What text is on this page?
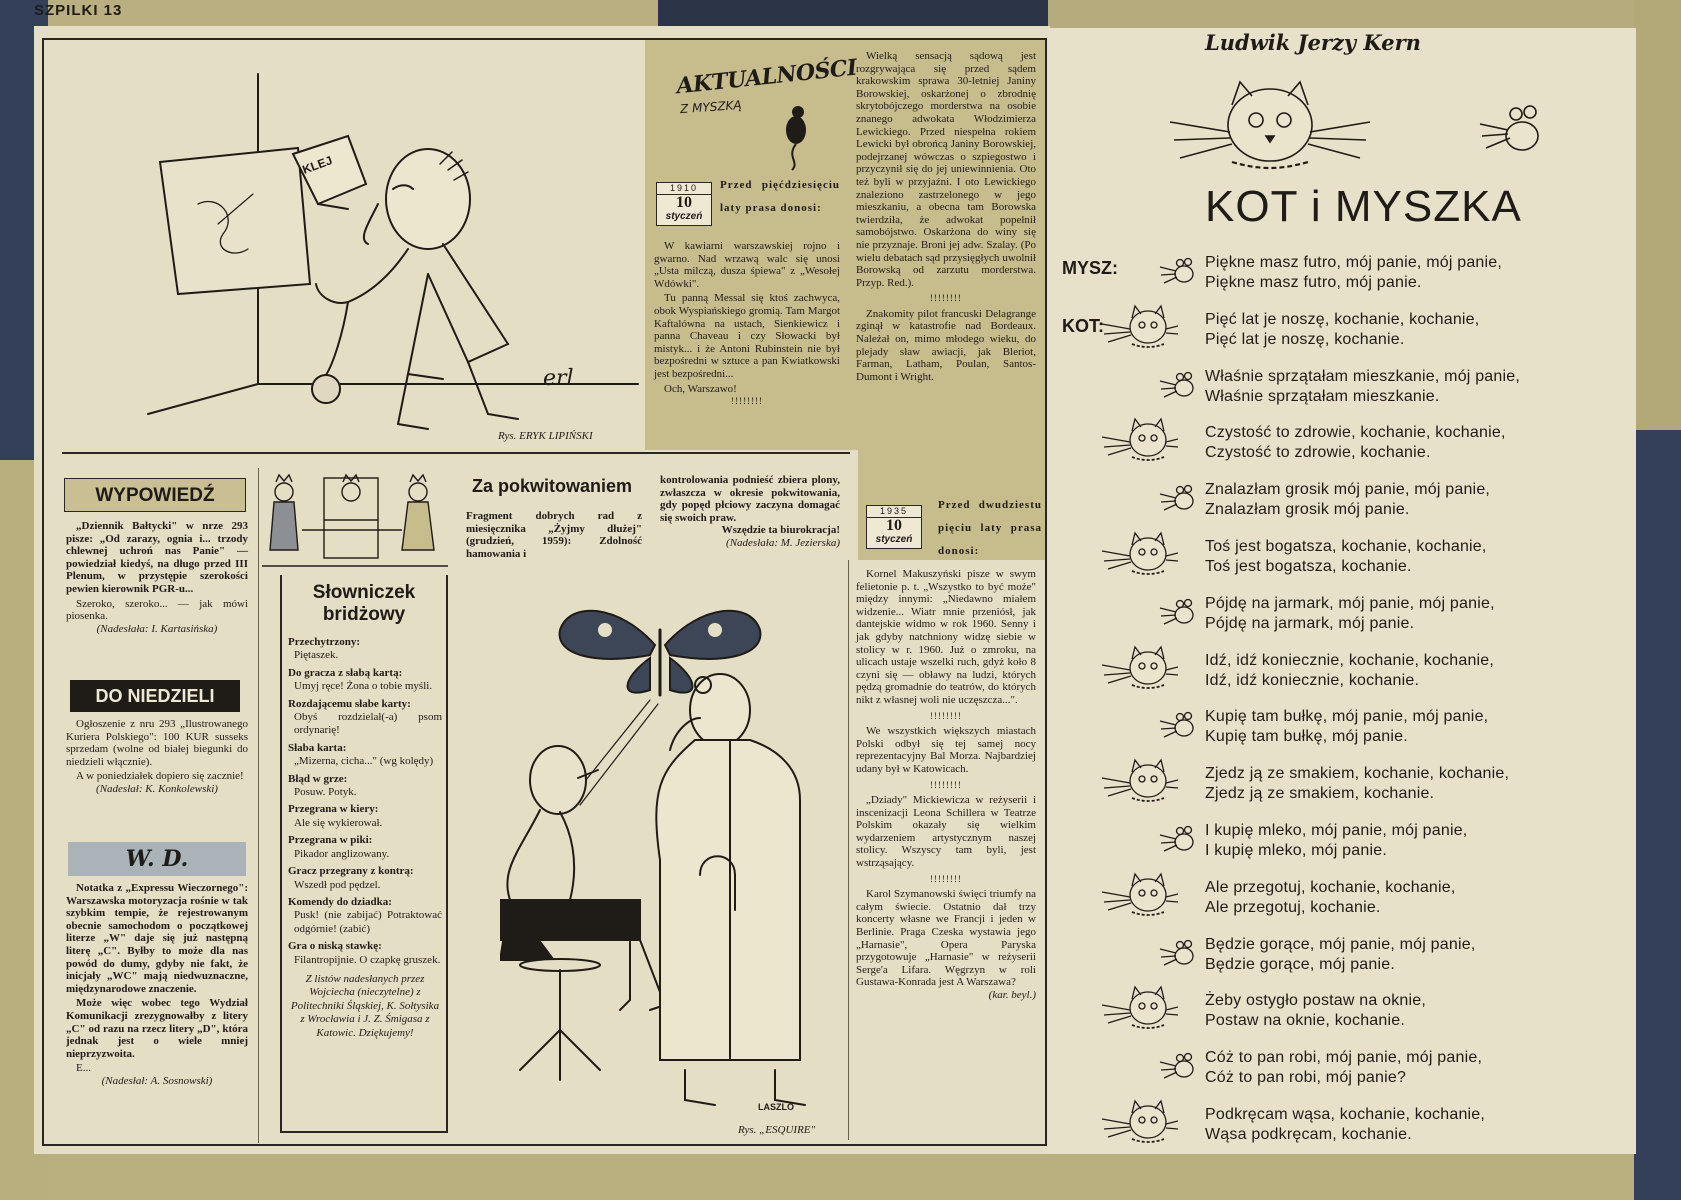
SZPILKI 13
KLEJ
erl
Rys. ERYK LIPIŃSKI
AKTUALNOŚCI
Z MYSZKĄ
1910
10
styczeń
Przed pięćdziesięciu laty prasa donosi:

W kawiarni warszawskiej rojno i gwarno. Nad wrzawą walc się unosi „Usta milczą, dusza śpiewa" z „Wesołej Wdówki".

Tu panną Messal się ktoś zachwyca, obok Wyspiańskiego gromią. Tam Margot Kaftalówna na ustach, Sienkiewicz i panna Chaveau i czy Słowacki był mistyk... i że Antoni Rubinstein nie był bezpośredni w sztuce a pan Kwiatkowski jest bezpośredni...

Och, Warszawo!

!!!!!!!!

Wielką sensacją sądową jest rozgrywająca się przed sądem krakowskim sprawa 30-letniej Janiny Borowskiej, oskarżonej o zbrodnię skrytobójczego morderstwa na osobie znanego adwokata Włodzimierza Lewickiego. Przed niespełna rokiem Lewicki był obrońcą Janiny Borowskiej, podejrzanej wówczas o szpiegostwo i przyczynił się do jej uniewinnienia. Oto też byli w przyjaźni. I oto Lewickiego znaleziono zastrzelonego w jego mieszkaniu, a obecna tam Borowska twierdziła, że adwokat popełnił samobójstwo. Oskarżona do winy się nie przyznaje. Broni jej adw. Szalay. (Po wielu debatach sąd przysięgłych uwolnił Borowską od zarzutu morderstwa. Przyp. Red.).

!!!!!!!!

Znakomity pilot francuski Delagrange zginął w katastrofie nad Bordeaux. Należał on, mimo młodego wieku, do plejady sław awiacji, jak Bleriot, Farman, Latham, Poulan, Santos-Dumont i Wright.

1935
10
styczeń
Przed dwudziestu pięciu laty prasa donosi:

Kornel Makuszyński pisze w swym felietonie p. t. „Wszystko to być może" między innymi: „Niedawno miałem widzenie... Wiatr mnie przeniósł, jak dantejskie widmo w rok 1960. Senny i jak gdyby natchniony widzę siebie w stolicy w r. 1960. Już o zmroku, na ulicach ustaje wszelki ruch, gdyż koło 8 czyni się — obławy na ludzi, których pędzą gromadnie do teatrów, do których nikt z własnej woli nie uczęszcza...".

!!!!!!!!

We wszystkich większych miastach Polski odbył się tej samej nocy reprezentacyjny Bal Morza. Najbardziej udany był w Katowicach.

!!!!!!!!

„Dziady" Mickiewicza w reżyserii i inscenizacji Leona Schillera w Teatrze Polskim okazały się wielkim wydarzeniem artystycznym naszej stolicy. Wszyscy tam byli, jest wstrząsający.

!!!!!!!!

Karol Szymanowski święci triumfy na całym świecie. Ostatnio dał trzy koncerty własne we Francji i jeden w Berlinie. Praga Czeska wystawia jego „Harnasie", Opera Paryska przygotowuje „Harnasie" w reżyserii Serge'a Lifara. Węgrzyn w roli Gustawa-Konrada jest A Warszawa?

(kar. beyl.)
WYPOWIEDŹ

„Dziennik Bałtycki" w nrze 293 pisze: „Od zarazy, ognia i... trzody chlewnej uchroń nas Panie" — powiedział kiedyś, na długo przed III Plenum, w przystępie szerokości pewien kierownik PGR-u...

Szeroko, szeroko... — jak mówi piosenka.

(Nadesłała: I. Kartasińska)
DO NIEDZIELI

Ogłoszenie z nru 293 „Ilustrowanego Kuriera Polskiego": 100 KUR susseks sprzedam (wolne od białej biegunki do niedzieli włącznie).

A w poniedziałek dopiero się zacznie!

(Nadesłał: K. Konkolewski)
W. D.

Notatka z „Expressu Wieczornego": Warszawska motoryzacja rośnie w tak szybkim tempie, że rejestrowanym obecnie samochodom o początkowej literze „W" daje się już następną literę „C". Byłby to może dla nas powód do dumy, gdyby nie fakt, że inicjały „WC" mają niedwuznaczne, międzynarodowe znaczenie.

Może więc wobec tego Wydział Komunikacji zrezygnowałby z litery „C" od razu na rzecz litery „D", która jednak jest o wiele mniej nieprzyzwoita.

E...

(Nadesłał: A. Sosnowski)
Słowniczek
bridżowy
Przechytrzony:
Piętaszek.
Do gracza z słabą kartą:
Umyj ręce! Żona o tobie myśli.
Rozdającemu słabe karty:
Obyś rozdzielał(-a) psom ordynarię!
Słaba karta:
„Mizerna, cicha..." (wg kolędy)
Błąd w grze:
Posuw. Potyk.
Przegrana w kiery:
Ale się wykierował.
Przegrana w piki:
Pikador anglizowany.
Gracz przegrany z kontrą:
Wszedł pod pędzel.
Komendy do dziadka:
Pusk! (nie zabijać) Potraktować odgórnie! (zabić)
Gra o niską stawkę:
Filantropijnie. O czapkę gruszek.
Z listów nadesłanych przez Wojciecha (nieczytelne) z Politechniki Śląskiej, K. Sołtysika z Wrocławia i J. Z. Śmigasa z Katowic. Dziękujemy!
Za pokwitowaniem
Fragment dobrych rad z miesięcznika „Żyjmy dłużej" (grudzień, 1959): Zdolność hamowania i
kontrolowania podnieść zbiera plony, zwłaszcza w okresie pokwitowania, gdy popęd płciowy zaczyna domagać się swoich praw.
Wszędzie ta biurokracja!
(Nadesłała: M. Jezierska)
LASZLO
Rys. „ESQUIRE"
Ludwik Jerzy Kern
KOT i MYSZKA
MYSZ:
KOT:
Piękne masz futro, mój panie, mój panie,
Piękne masz futro, mój panie.
Pięć lat je noszę, kochanie, kochanie,
Pięć lat je noszę, kochanie.
Właśnie sprzątałam mieszkanie, mój panie,
Właśnie sprzątałam mieszkanie.
Czystość to zdrowie, kochanie, kochanie,
Czystość to zdrowie, kochanie.
Znalazłam grosik mój panie, mój panie,
Znalazłam grosik mój panie.
Toś jest bogatsza, kochanie, kochanie,
Toś jest bogatsza, kochanie.
Pójdę na jarmark, mój panie, mój panie,
Pójdę na jarmark, mój panie.
Idź, idź koniecznie, kochanie, kochanie,
Idź, idź koniecznie, kochanie.
Kupię tam bułkę, mój panie, mój panie,
Kupię tam bułkę, mój panie.
Zjedz ją ze smakiem, kochanie, kochanie,
Zjedz ją ze smakiem, kochanie.
I kupię mleko, mój panie, mój panie,
I kupię mleko, mój panie.
Ale przegotuj, kochanie, kochanie,
Ale przegotuj, kochanie.
Będzie gorące, mój panie, mój panie,
Będzie gorące, mój panie.
Żeby ostygło postaw na oknie,
Postaw na oknie, kochanie.
Cóż to pan robi, mój panie, mój panie,
Cóż to pan robi, mój panie?
Podkręcam wąsa, kochanie, kochanie,
Wąsa podkręcam, kochanie.
